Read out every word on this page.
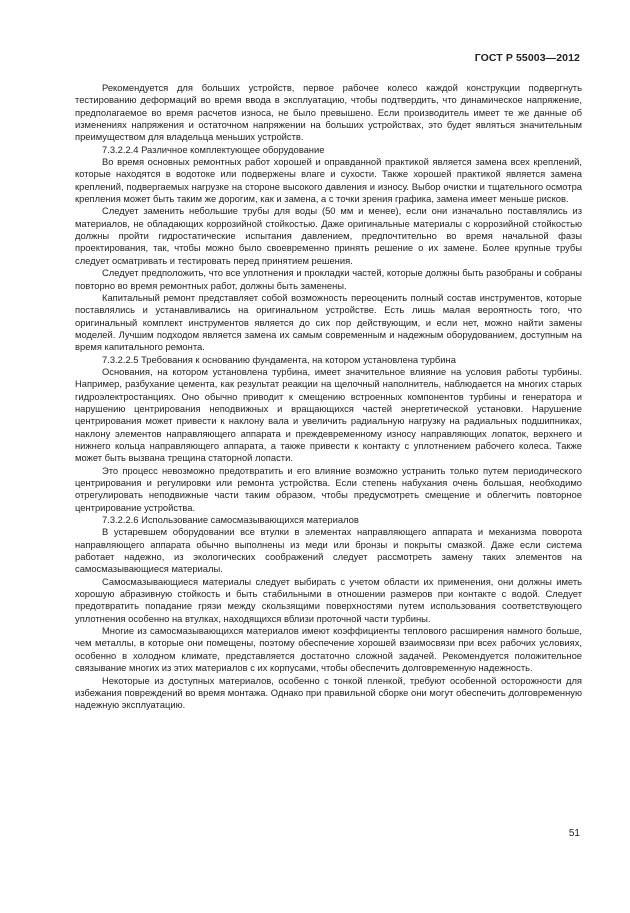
ГОСТ Р 55003—2012

Рекомендуется для больших устройств, первое рабочее колесо каждой конструкции подвергнуть тестированию деформаций во время ввода в эксплуатацию, чтобы подтвердить, что динамическое напряжение, предполагаемое во время расчетов износа, не было превышено. Если производитель имеет те же данные об изменениях напряжения и остаточном напряжении на больших устройствах, это будет являться значительным преимуществом для владельца меньших устройств.

7.3.2.2.4 Различное комплектующее оборудование

Во время основных ремонтных работ хорошей и оправданной практикой является замена всех креплений, которые находятся в водотоке или подвержены влаге и сухости. Также хорошей практикой является замена креплений, подвергаемых нагрузке на стороне высокого давления и износу. Выбор очистки и тщательного осмотра крепления может быть таким же дорогим, как и замена, а с точки зрения графика, замена имеет меньше рисков.

Следует заменить небольшие трубы для воды (50 мм и менее), если они изначально поставлялись из материалов, не обладающих коррозийной стойкостью. Даже оригинальные материалы с коррозийной стойкостью должны пройти гидростатические испытания давлением, предпочтительно во время начальной фазы проектирования, так, чтобы можно было своевременно принять решение о их замене. Более крупные трубы следует осматривать и тестировать перед принятием решения.

Следует предположить, что все уплотнения и прокладки частей, которые должны быть разобраны и собраны повторно во время ремонтных работ, должны быть заменены.

Капитальный ремонт представляет собой возможность переоценить полный состав инструментов, которые поставлялись и устанавливались на оригинальном устройстве. Есть лишь малая вероятность того, что оригинальный комплект инструментов является до сих пор действующим, и если нет, можно найти замены моделей. Лучшим подходом является замена их самым современным и надежным оборудованием, доступным на время капитального ремонта.

7.3.2.2.5 Требования к основанию фундамента, на котором установлена турбина

Основания, на котором установлена турбина, имеет значительное влияние на условия работы турбины. Например, разбухание цемента, как результат реакции на щелочный наполнитель, наблюдается на многих старых гидроэлектростанциях. Оно обычно приводит к смещению встроенных компонентов турбины и генератора и нарушению центрирования неподвижных и вращающихся частей энергетической установки. Нарушение центрирования может привести к наклону вала и увеличить радиальную нагрузку на радиальных подшипниках, наклону элементов направляющего аппарата и преждевременному износу направляющих лопаток, верхнего и нижнего кольца направляющего аппарата, а также привести к контакту с уплотнением рабочего колеса. Также может быть вызвана трещина статорной лопасти.

Это процесс невозможно предотвратить и его влияние возможно устранить только путем периодического центрирования и регулировки или ремонта устройства. Если степень набухания очень большая, необходимо отрегулировать неподвижные части таким образом, чтобы предусмотреть смещение и облегчить повторное центрирование устройства.

7.3.2.2.6 Использование самосмазывающихся материалов

В устаревшем оборудовании все втулки в элементах направляющего аппарата и механизма поворота направляющего аппарата обычно выполнены из меди или бронзы и покрыты смазкой. Даже если система работает надежно, из экологических соображений следует рассмотреть замену таких элементов на самосмазывающиеся материалы.

Самосмазывающиеся материалы следует выбирать с учетом области их применения, они должны иметь хорошую абразивную стойкость и быть стабильными в отношении размеров при контакте с водой. Следует предотвратить попадание грязи между скользящими поверхностями путем использования соответствующего уплотнения особенно на втулках, находящихся вблизи проточной части турбины.

Многие из самосмазывающихся материалов имеют коэффициенты теплового расширения намного больше, чем металлы, в которые они помещены, поэтому обеспечение хорошей взаимосвязи при всех рабочих условиях, особенно в холодном климате, представляется достаточно сложной задачей. Рекомендуется положительное связывание многих из этих материалов с их корпусами, чтобы обеспечить долговременную надежность.

Некоторые из доступных материалов, особенно с тонкой пленкой, требуют особенной осторожности для избежания повреждений во время монтажа. Однако при правильной сборке они могут обеспечить долговременную надежную эксплуатацию.

51
